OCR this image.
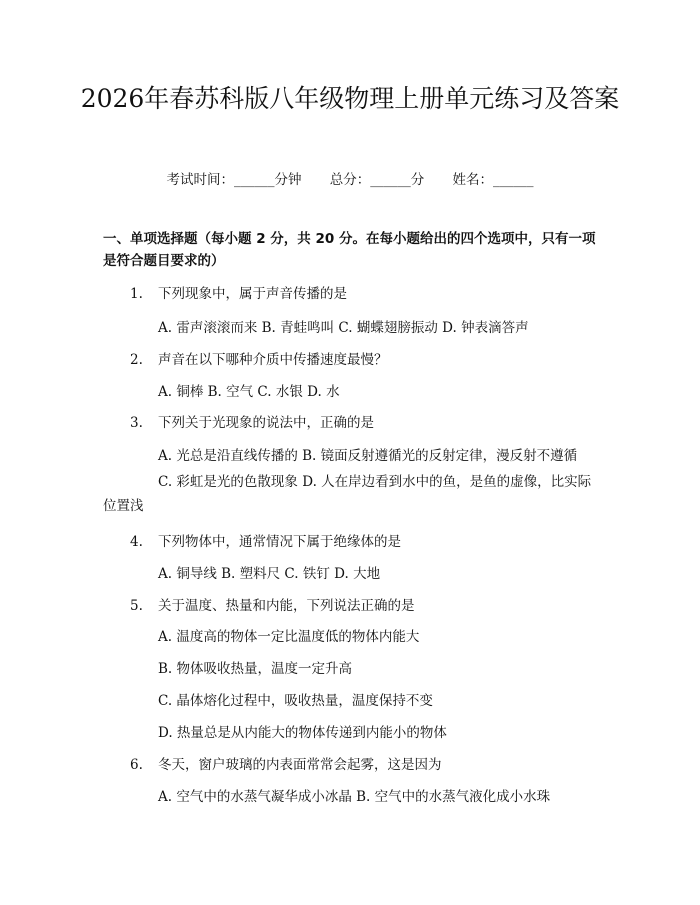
2026年春苏科版八年级物理上册单元练习及答案
考试时间：______分钟 总分：______分 姓名：______
一、单项选择题（每小题 2 分，共 20 分。在每小题给出的四个选项中，只有一项是符合题目要求的）
1. 下列现象中，属于声音传播的是
A. 雷声滚滚而来 B. 青蛙鸣叫 C. 蝴蝶翅膀振动 D. 钟表滴答声
2. 声音在以下哪种介质中传播速度最慢？
A. 铜棒 B. 空气 C. 水银 D. 水
3. 下列关于光现象的说法中，正确的是
A. 光总是沿直线传播的 B. 镜面反射遵循光的反射定律，漫反射不遵循
C. 彩虹是光的色散现象 D. 人在岸边看到水中的鱼，是鱼的虚像，比实际位置浅
4. 下列物体中，通常情况下属于绝缘体的是
A. 铜导线 B. 塑料尺 C. 铁钉 D. 大地
5. 关于温度、热量和内能，下列说法正确的是
A. 温度高的物体一定比温度低的物体内能大
B. 物体吸收热量，温度一定升高
C. 晶体熔化过程中，吸收热量，温度保持不变
D. 热量总是从内能大的物体传递到内能小的物体
6. 冬天，窗户玻璃的内表面常常会起雾，这是因为
A. 空气中的水蒸气凝华成小冰晶 B. 空气中的水蒸气液化成小水珠
